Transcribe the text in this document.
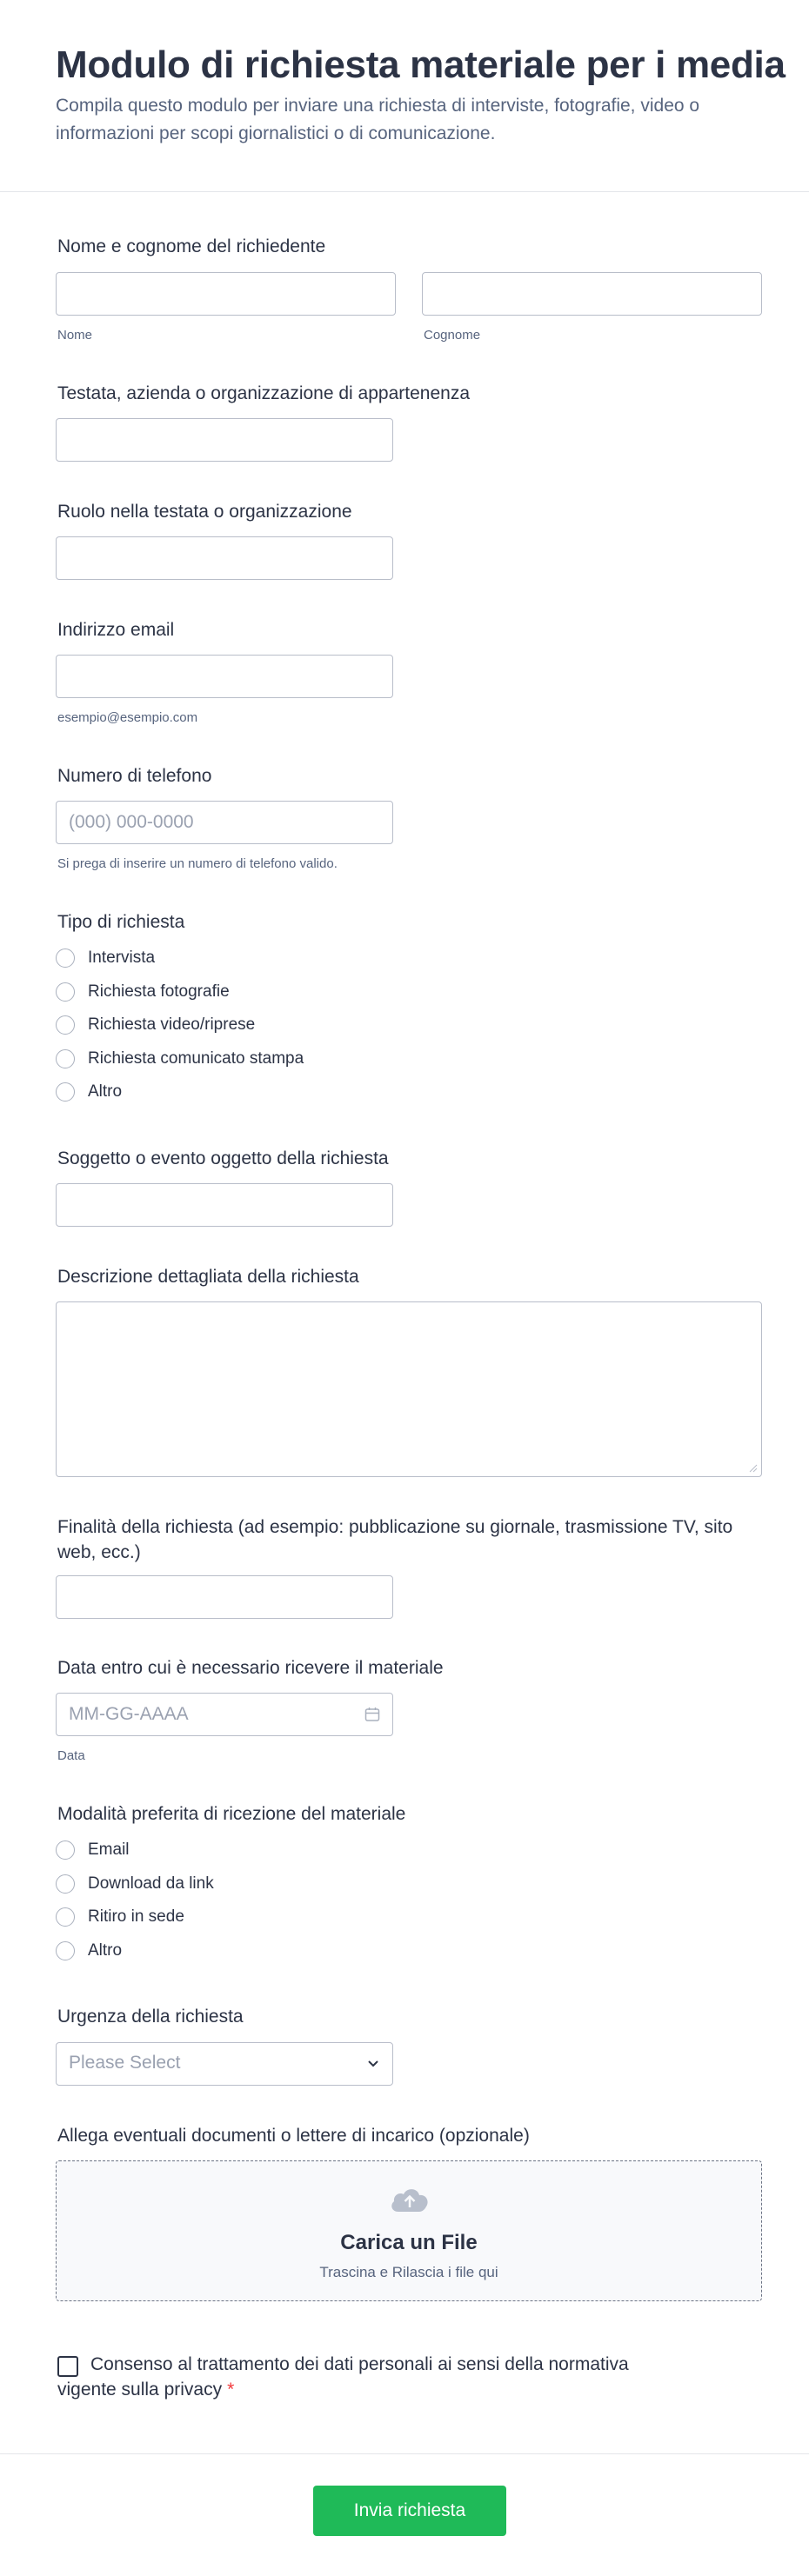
Modulo di richiesta materiale per i media
Compila questo modulo per inviare una richiesta di interviste, fotografie, video o informazioni per scopi giornalistici o di comunicazione.
Nome e cognome del richiedente
Nome	Cognome
Testata, azienda o organizzazione di appartenenza
Ruolo nella testata o organizzazione
Indirizzo email
esempio@esempio.com
Numero di telefono
(000) 000-0000
Si prega di inserire un numero di telefono valido.
Tipo di richiesta
Intervista
Richiesta fotografie
Richiesta video/riprese
Richiesta comunicato stampa
Altro
Soggetto o evento oggetto della richiesta
Descrizione dettagliata della richiesta
Finalità della richiesta (ad esempio: pubblicazione su giornale, trasmissione TV, sito web, ecc.)
Data entro cui è necessario ricevere il materiale
MM-GG-AAAA
Data
Modalità preferita di ricezione del materiale
Email
Download da link
Ritiro in sede
Altro
Urgenza della richiesta
Please Select
Allega eventuali documenti o lettere di incarico (opzionale)
Carica un File
Trascina e Rilascia i file qui
Consenso al trattamento dei dati personali ai sensi della normativa vigente sulla privacy *
Invia richiesta
